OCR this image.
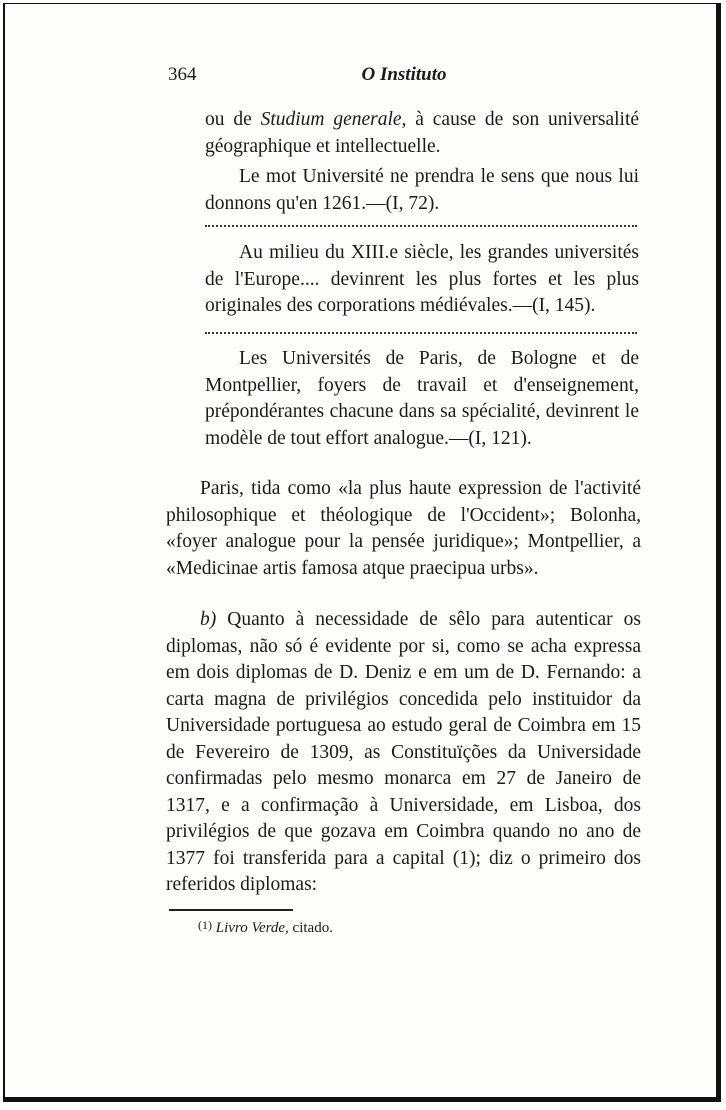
364	O Instituto

ou de Studium generale, à cause de son universalité géographique et intellectuelle.

Le mot Université ne prendra le sens que nous lui donnons qu'en 1261.—(I, 72).

Au milieu du XIII.e siècle, les grandes universités de l'Europe.... devinrent les plus fortes et les plus originales des corporations médiévales.—(I, 145).

Les Universités de Paris, de Bologne et de Montpellier, foyers de travail et d'enseignement, prépondérantes chacune dans sa spécialité, devinrent le modèle de tout effort analogue.—(I, 121).

Paris, tida como «la plus haute expression de l'activité philosophique et théologique de l'Occident»; Bolonha, «foyer analogue pour la pensée juridique»; Montpellier, a «Medicinae artis famosa atque praecipua urbs».

b) Quanto à necessidade de sêlo para autenticar os diplomas, não só é evidente por si, como se acha expressa em dois diplomas de D. Deniz e em um de D. Fernando: a carta magna de privilégios concedida pelo instituidor da Universidade portuguesa ao estudo geral de Coimbra em 15 de Fevereiro de 1309, as Constituïções da Universidade confirmadas pelo mesmo monarca em 27 de Janeiro de 1317, e a confirmação à Universidade, em Lisboa, dos privilégios de que gozava em Coimbra quando no ano de 1377 foi transferida para a capital (1); diz o primeiro dos referidos diplomas:

$^{(1)}$ Livro Verde, citado.
